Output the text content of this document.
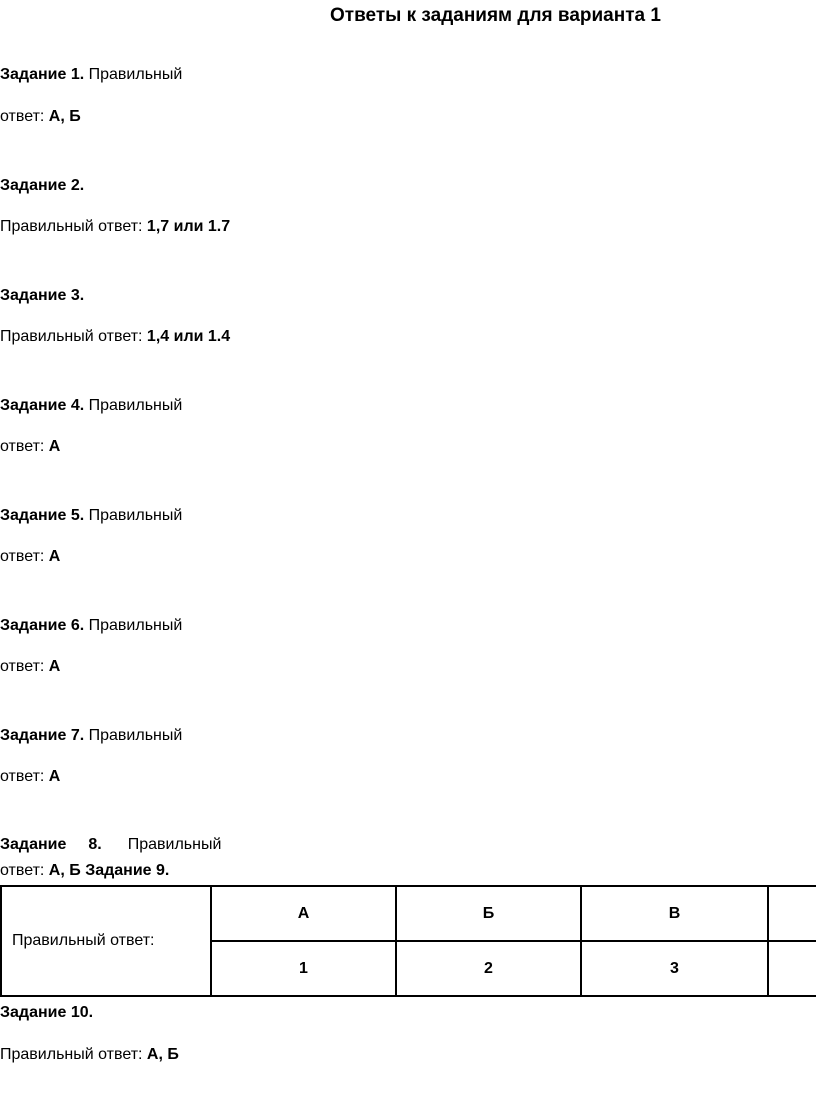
Ответы к заданиям для варианта 1
Задание 1. Правильный
ответ: А, Б
Задание 2.
Правильный ответ: 1,7 или 1.7
Задание 3.
Правильный ответ: 1,4 или 1.4
Задание 4. Правильный
ответ: А
Задание 5. Правильный
ответ: А
Задание 6. Правильный
ответ: А
Задание 7. Правильный
ответ: А
Задание 8. Правильный
ответ: А, Б Задание 9.
Правильный ответ:	А	Б	В	
	1	2	3	
Задание 10.
Правильный ответ: А, Б
